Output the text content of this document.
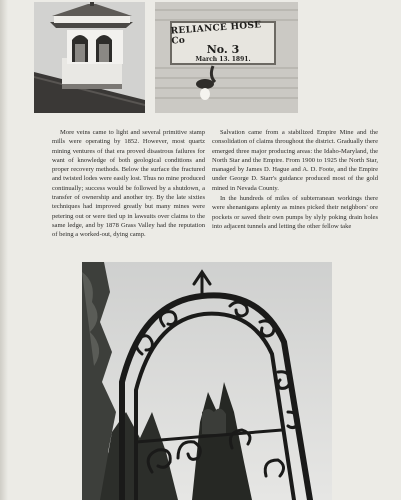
RELIANCE HOSE Co
No. 3
March 13. 1891.

More veins came to light and several primitive stamp mills were operating by 1852. However, most quartz mining ventures of that era proved disastrous failures for want of knowledge of both geological conditions and proper recovery methods. Below the surface the fractured and twisted lodes were easily lost. Thus no mine produced continually; success would be followed by a shutdown, a transfer of ownership and another try. By the late sixties techniques had improved greatly but many mines were petering out or were tied up in lawsuits over claims to the same ledge, and by 1878 Grass Valley had the reputation of being a worked-out, dying camp.

Salvation came from a stabilized Empire Mine and the consolidation of claims throughout the district. Gradually there emerged three major producing areas: the Idaho-Maryland, the North Star and the Empire. From 1900 to 1925 the North Star, managed by James D. Hague and A. D. Foote, and the Empire under George D. Starr's guidance produced most of the gold mined in Nevada County.

In the hundreds of miles of subterranean workings there were shenanigans aplenty as mines picked their neighbors' ore pockets or saved their own pumps by slyly poking drain holes into adjacent tunnels and letting the other fellow take
